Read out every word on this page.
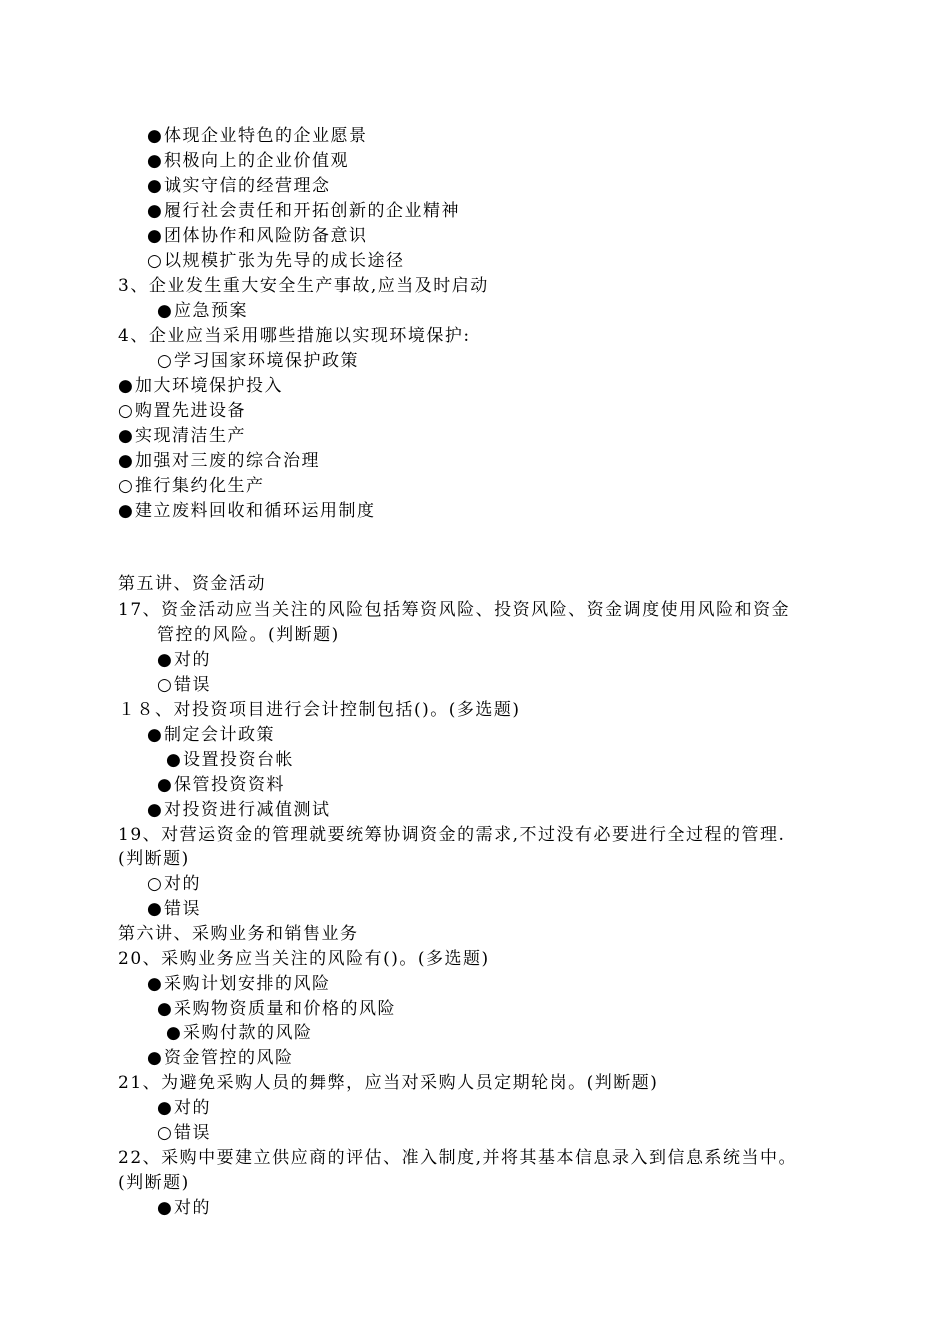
●体现企业特色的企业愿景
●积极向上的企业价值观
●诚实守信的经营理念
●履行社会责任和开拓创新的企业精神
●团体协作和风险防备意识
○以规模扩张为先导的成长途径
3、企业发生重大安全生产事故,应当及时启动
●应急预案
4、企业应当采用哪些措施以实现环境保护:
○学习国家环境保护政策
●加大环境保护投入
○购置先进设备
●实现清洁生产
●加强对三废的综合治理
○推行集约化生产
●建立废料回收和循环运用制度
第五讲、资金活动
17、资金活动应当关注的风险包括筹资风险、投资风险、资金调度使用风险和资金
管控的风险。(判断题)
●对的
○错误
１８、对投资项目进行会计控制包括()。(多选题)
●制定会计政策
●设置投资台帐
●保管投资资料
●对投资进行减值测试
19、对营运资金的管理就要统筹协调资金的需求,不过没有必要进行全过程的管理.
(判断题)
○对的
●错误
第六讲、采购业务和销售业务
20、采购业务应当关注的风险有()。(多选题)
●采购计划安排的风险
●采购物资质量和价格的风险
●采购付款的风险
●资金管控的风险
21、为避免采购人员的舞弊，应当对采购人员定期轮岗。(判断题)
●对的
○错误
22、采购中要建立供应商的评估、准入制度,并将其基本信息录入到信息系统当中。
(判断题)
●对的
